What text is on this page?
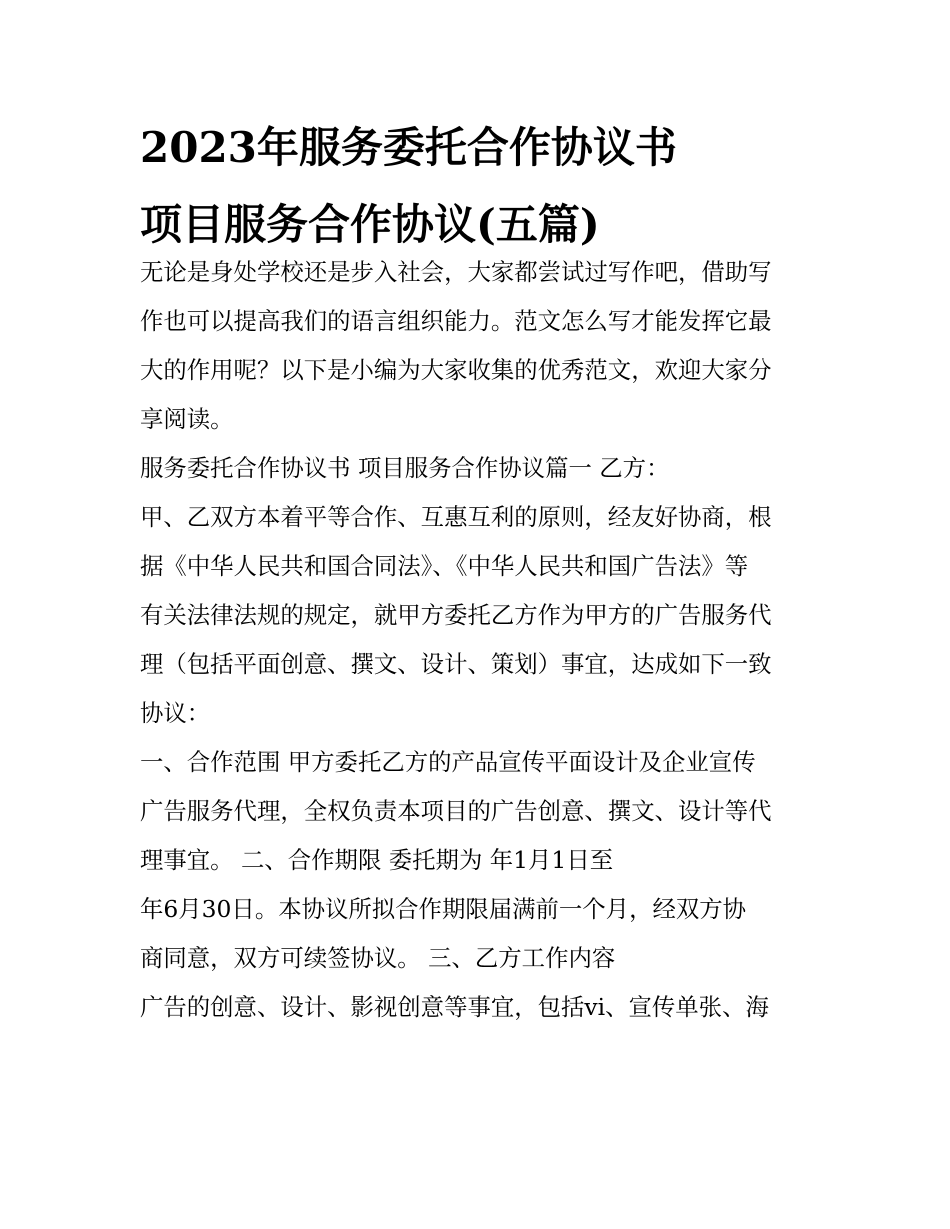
2023年服务委托合作协议书
项目服务合作协议(五篇)

无论是身处学校还是步入社会，大家都尝试过写作吧，借助写

作也可以提高我们的语言组织能力。范文怎么写才能发挥它最

大的作用呢？以下是小编为大家收集的优秀范文，欢迎大家分

享阅读。

服务委托合作协议书 项目服务合作协议篇一 乙方：

甲、乙双方本着平等合作、互惠互利的原则，经友好协商，根

据《中华人民共和国合同法》、《中华人民共和国广告法》等

有关法律法规的规定，就甲方委托乙方作为甲方的广告服务代

理（包括平面创意、撰文、设计、策划）事宜，达成如下一致

协议：

一、合作范围 甲方委托乙方的产品宣传平面设计及企业宣传

广告服务代理，全权负责本项目的广告创意、撰文、设计等代

理事宜。 二、合作期限 委托期为 年1月1日至

年6月30日。本协议所拟合作期限届满前一个月，经双方协

商同意，双方可续签协议。 三、乙方工作内容

广告的创意、设计、影视创意等事宜，包括vi、宣传单张、海
